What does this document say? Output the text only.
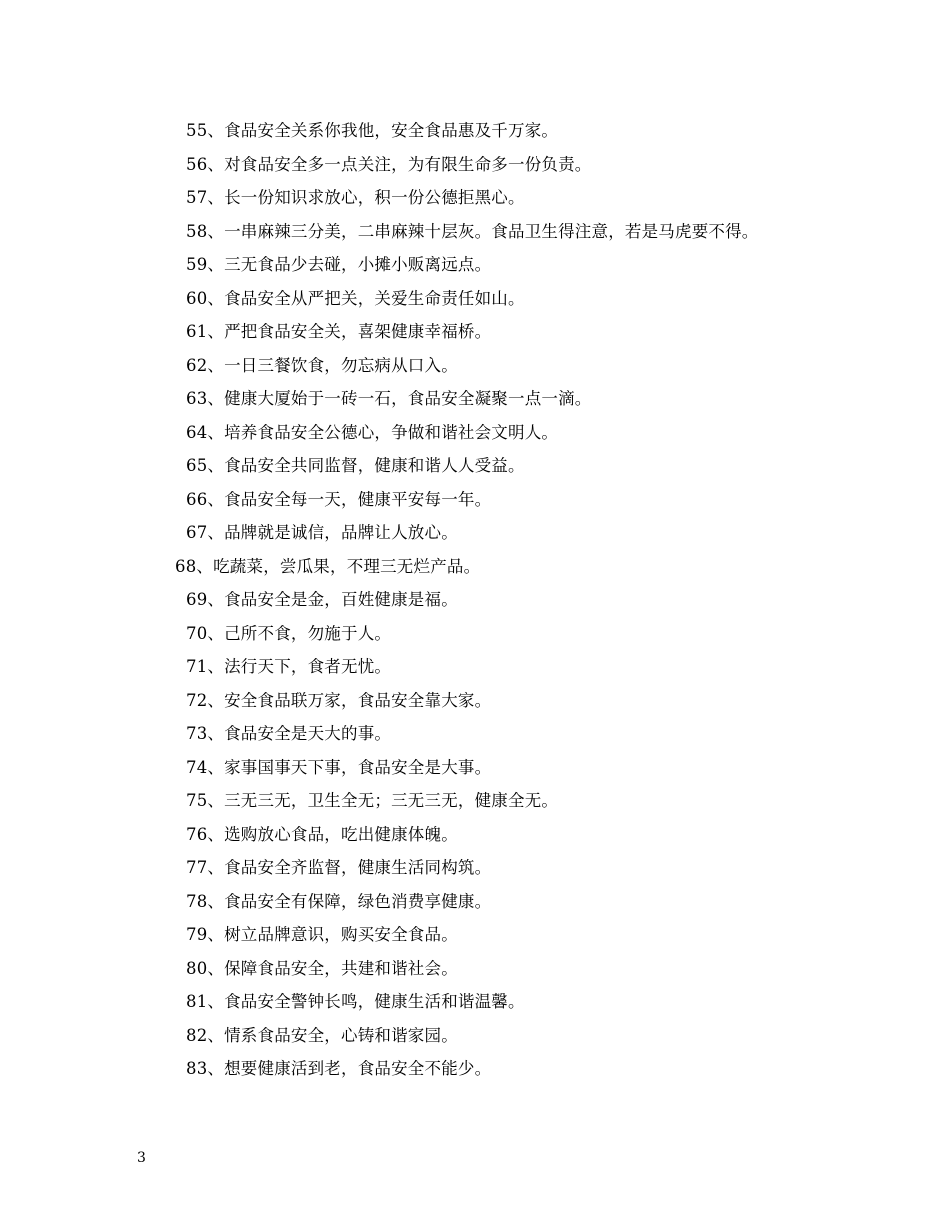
55、食品安全关系你我他，安全食品惠及千万家。
56、对食品安全多一点关注，为有限生命多一份负责。
57、长一份知识求放心，积一份公德拒黑心。
58、一串麻辣三分美，二串麻辣十层灰。食品卫生得注意，若是马虎要不得。
59、三无食品少去碰，小摊小贩离远点。
60、食品安全从严把关，关爱生命责任如山。
61、严把食品安全关，喜架健康幸福桥。
62、一日三餐饮食，勿忘病从口入。
63、健康大厦始于一砖一石，食品安全凝聚一点一滴。
64、培养食品安全公德心，争做和谐社会文明人。
65、食品安全共同监督，健康和谐人人受益。
66、食品安全每一天，健康平安每一年。
67、品牌就是诚信，品牌让人放心。
68、吃蔬菜，尝瓜果，不理三无烂产品。
69、食品安全是金，百姓健康是福。
70、己所不食，勿施于人。
71、法行天下，食者无忧。
72、安全食品联万家，食品安全靠大家。
73、食品安全是天大的事。
74、家事国事天下事，食品安全是大事。
75、三无三无，卫生全无；三无三无，健康全无。
76、选购放心食品，吃出健康体魄。
77、食品安全齐监督，健康生活同构筑。
78、食品安全有保障，绿色消费享健康。
79、树立品牌意识，购买安全食品。
80、保障食品安全，共建和谐社会。
81、食品安全警钟长鸣，健康生活和谐温馨。
82、情系食品安全，心铸和谐家园。
83、想要健康活到老，食品安全不能少。
3
